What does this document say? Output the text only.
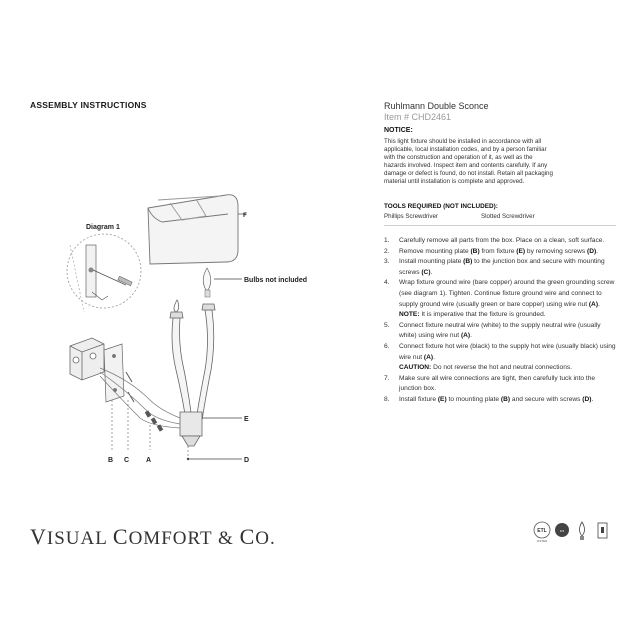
ASSEMBLY INSTRUCTIONS	Ruhlmann Double Sconce
Item # CHD2461
NOTICE:
This light fixture should be installed in accordance with all
applicable, local installation codes, and by a person familiar
with the construction and operation of it, as well as the
hazards involved. Inspect item and contents carefully. If any
damage or defect is found, do not install. Retain all packaging
material until installation is complete and approved.
TOOLS REQUIRED (NOT INCLUDED):
Phillips Screwdriver	Slotted Screwdriver
1.	Carefully remove all parts from the box. Place on a clean, soft surface.
2.	Remove mounting plate (B) from fixture (E) by removing screws (D).
3.	Install mounting plate (B) to the junction box and secure with mounting screws (C).
4.	Wrap fixture ground wire (bare copper) around the green grounding screw (see diagram 1). Tighten. Continue fixture ground wire and connect to supply ground wire (usually green or bare copper) using wire nut (A).
NOTE: It is imperative that the fixture is grounded.
5.	Connect fixture neutral wire (white) to the supply neutral wire (usually white) using wire nut (A).
6.	Connect fixture hot wire (black) to the supply hot wire (usually black) using wire nut (A).
CAUTION: Do not reverse the hot and neutral connections.
7.	Make sure all wire connections are tight, then carefully tuck into the junction box.
8.	Install fixture (E) to mounting plate (B) and secure with screws (D).
F
Diagram 1
Bulbs not included
E
B C A	D
VISUAL COMFORT & CO.	ETL
LISTED
•••
